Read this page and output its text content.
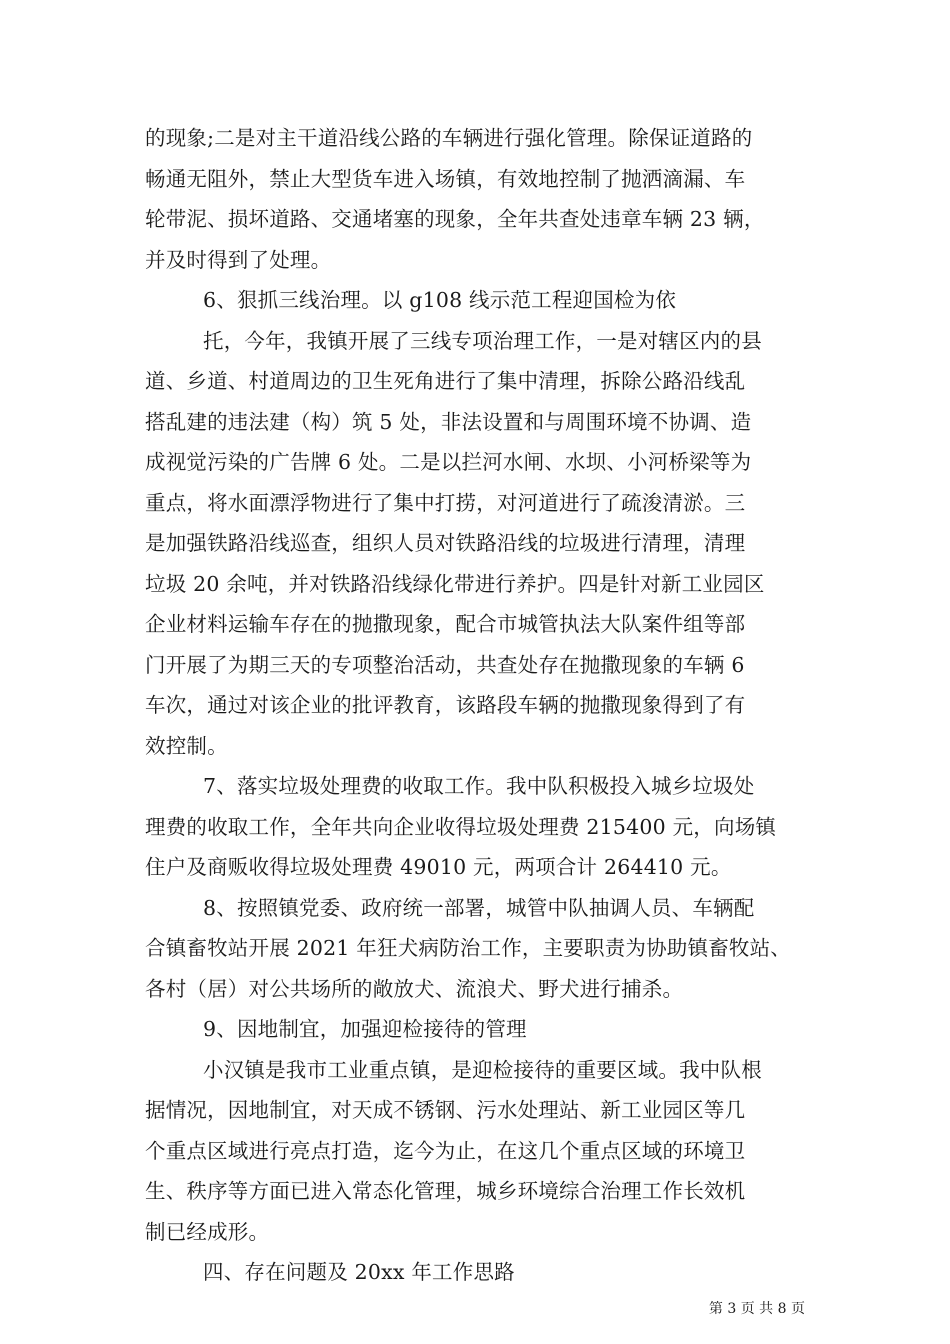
的现象;二是对主干道沿线公路的车辆进行强化管理。除保证道路的
畅通无阻外，禁止大型货车进入场镇，有效地控制了抛洒滴漏、车
轮带泥、损坏道路、交通堵塞的现象，全年共查处违章车辆 23 辆，
并及时得到了处理。
6、狠抓三线治理。以 g108 线示范工程迎国检为依
托，今年，我镇开展了三线专项治理工作，一是对辖区内的县
道、乡道、村道周边的卫生死角进行了集中清理，拆除公路沿线乱
搭乱建的违法建（构）筑 5 处，非法设置和与周围环境不协调、造
成视觉污染的广告牌 6 处。二是以拦河水闸、水坝、小河桥梁等为
重点，将水面漂浮物进行了集中打捞，对河道进行了疏浚清淤。三
是加强铁路沿线巡查，组织人员对铁路沿线的垃圾进行清理，清理
垃圾 20 余吨，并对铁路沿线绿化带进行养护。四是针对新工业园区
企业材料运输车存在的抛撒现象，配合市城管执法大队案件组等部
门开展了为期三天的专项整治活动，共查处存在抛撒现象的车辆 6
车次，通过对该企业的批评教育，该路段车辆的抛撒现象得到了有
效控制。
7、落实垃圾处理费的收取工作。我中队积极投入城乡垃圾处
理费的收取工作，全年共向企业收得垃圾处理费 215400 元，向场镇
住户及商贩收得垃圾处理费 49010 元，两项合计 264410 元。
8、按照镇党委、政府统一部署，城管中队抽调人员、车辆配
合镇畜牧站开展 2021 年狂犬病防治工作，主要职责为协助镇畜牧站、
各村（居）对公共场所的敞放犬、流浪犬、野犬进行捕杀。
9、因地制宜，加强迎检接待的管理
小汉镇是我市工业重点镇，是迎检接待的重要区域。我中队根
据情况，因地制宜，对天成不锈钢、污水处理站、新工业园区等几
个重点区域进行亮点打造，迄今为止，在这几个重点区域的环境卫
生、秩序等方面已进入常态化管理，城乡环境综合治理工作长效机
制已经成形。
四、存在问题及 20xx 年工作思路
第 3 页 共 8 页
